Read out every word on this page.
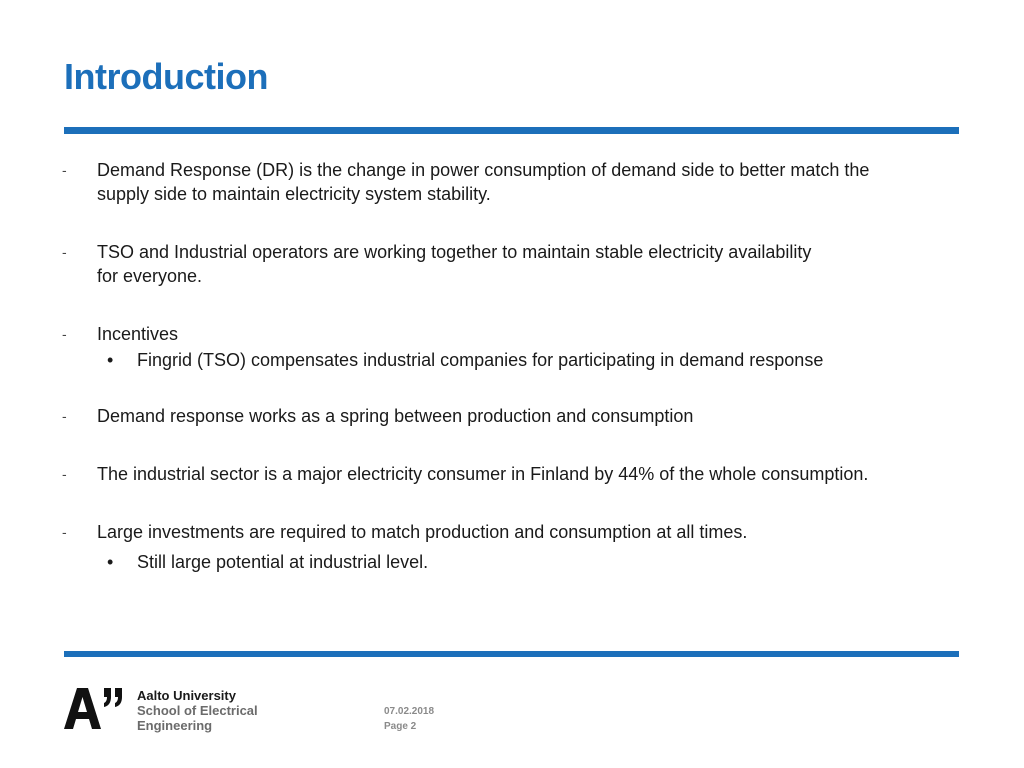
Introduction
- Demand Response (DR) is the change in power consumption of demand side to better match the
supply side to maintain electricity system stability.
- TSO and Industrial operators are working together to maintain stable electricity availability
for everyone.
- Incentives
• Fingrid (TSO) compensates industrial companies for participating in demand response
- Demand response works as a spring between production and consumption
- The industrial sector is a major electricity consumer in Finland by 44% of the whole consumption.
- Large investments are required to match production and consumption at all times.
• Still large potential at industrial level.
Aalto University
School of Electrical
Engineering
07.02.2018
Page 2
